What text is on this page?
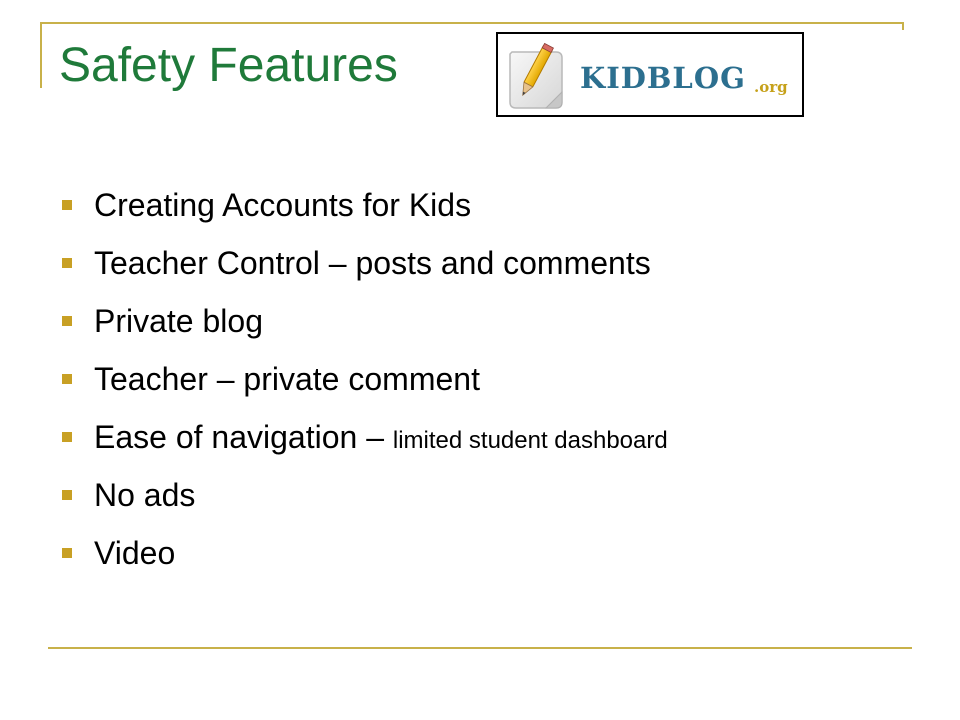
Safety Features	KIDBLOG .org
Creating Accounts for Kids
Teacher Control – posts and comments
Private blog
Teacher – private comment
Ease of navigation – limited student dashboard
No ads
Video
